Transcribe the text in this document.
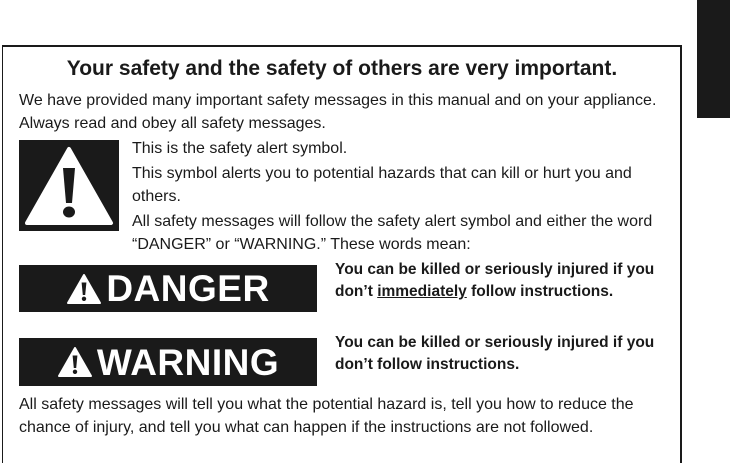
Your safety and the safety of others are very important.

We have provided many important safety messages in this manual and on your appliance. Always read and obey all safety messages.

This is the safety alert symbol.

This symbol alerts you to potential hazards that can kill or hurt you and others.

All safety messages will follow the safety alert symbol and either the word “DANGER” or “WARNING.” These words mean:

DANGER	You can be killed or seriously injured if you don’t immediately follow instructions.

WARNING	You can be killed or seriously injured if you don’t follow instructions.

All safety messages will tell you what the potential hazard is, tell you how to reduce the chance of injury, and tell you what can happen if the instructions are not followed.
